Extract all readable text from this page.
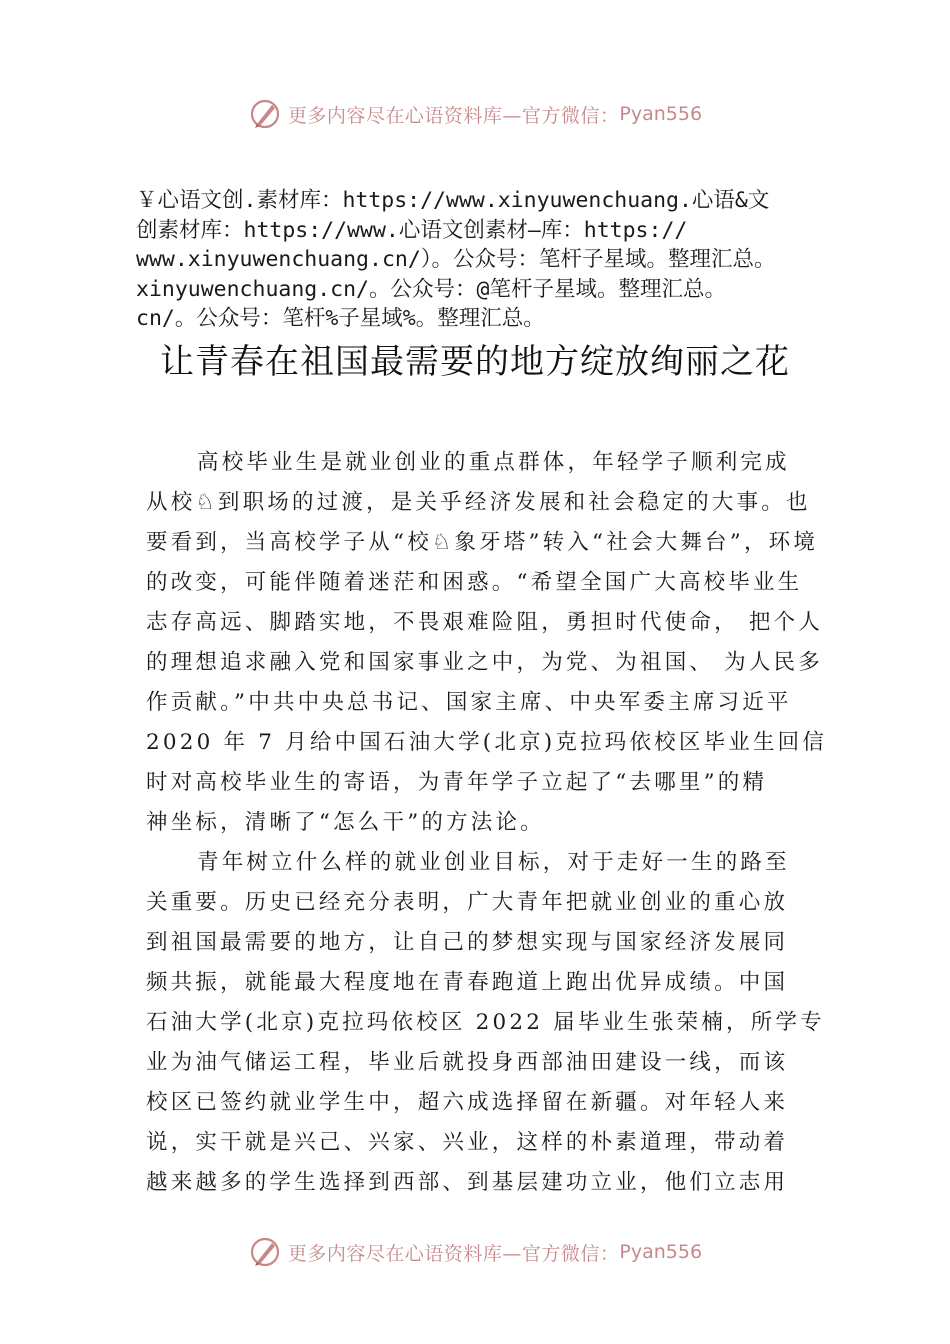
更多内容尽在心语资料库—官方微信： Pyan556
￥心语文创.素材库：https://www.xinyuwenchuang.心语&文
创素材库：https://www.心语文创素材—库：https://
www.xinyuwenchuang.cn/）。公众号：笔杆子星域。整理汇总。
xinyuwenchuang.cn/。公众号：@笔杆子星域。整理汇总。
cn/。公众号：笔杆%子星域%。整理汇总。
让青春在祖国最需要的地方绽放绚丽之花
高校毕业生是就业创业的重点群体，年轻学子顺利完成
从校♘到职场的过渡，是关乎经济发展和社会稳定的大事。也
要看到，当高校学子从“校♘象牙塔”转入“社会大舞台”，环境
的改变，可能伴随着迷茫和困惑。“希望全国广大高校毕业生
志存高远、脚踏实地，不畏艰难险阻，勇担时代使命， 把个人
的理想追求融入党和国家事业之中，为党、为祖国、 为人民多
作贡献。”中共中央总书记、国家主席、中央军委主席习近平
2020 年 7 月给中国石油大学(北京)克拉玛依校区毕业生回信
时对高校毕业生的寄语，为青年学子立起了“去哪里”的精
神坐标，清晰了“怎么干”的方法论。
青年树立什么样的就业创业目标，对于走好一生的路至
关重要。历史已经充分表明，广大青年把就业创业的重心放
到祖国最需要的地方，让自己的梦想实现与国家经济发展同
频共振，就能最大程度地在青春跑道上跑出优异成绩。中国
石油大学(北京)克拉玛依校区 2022 届毕业生张荣楠，所学专
业为油气储运工程，毕业后就投身西部油田建设一线，而该
校区已签约就业学生中，超六成选择留在新疆。对年轻人来
说，实干就是兴己、兴家、兴业，这样的朴素道理，带动着
越来越多的学生选择到西部、到基层建功立业，他们立志用
更多内容尽在心语资料库—官方微信： Pyan556
